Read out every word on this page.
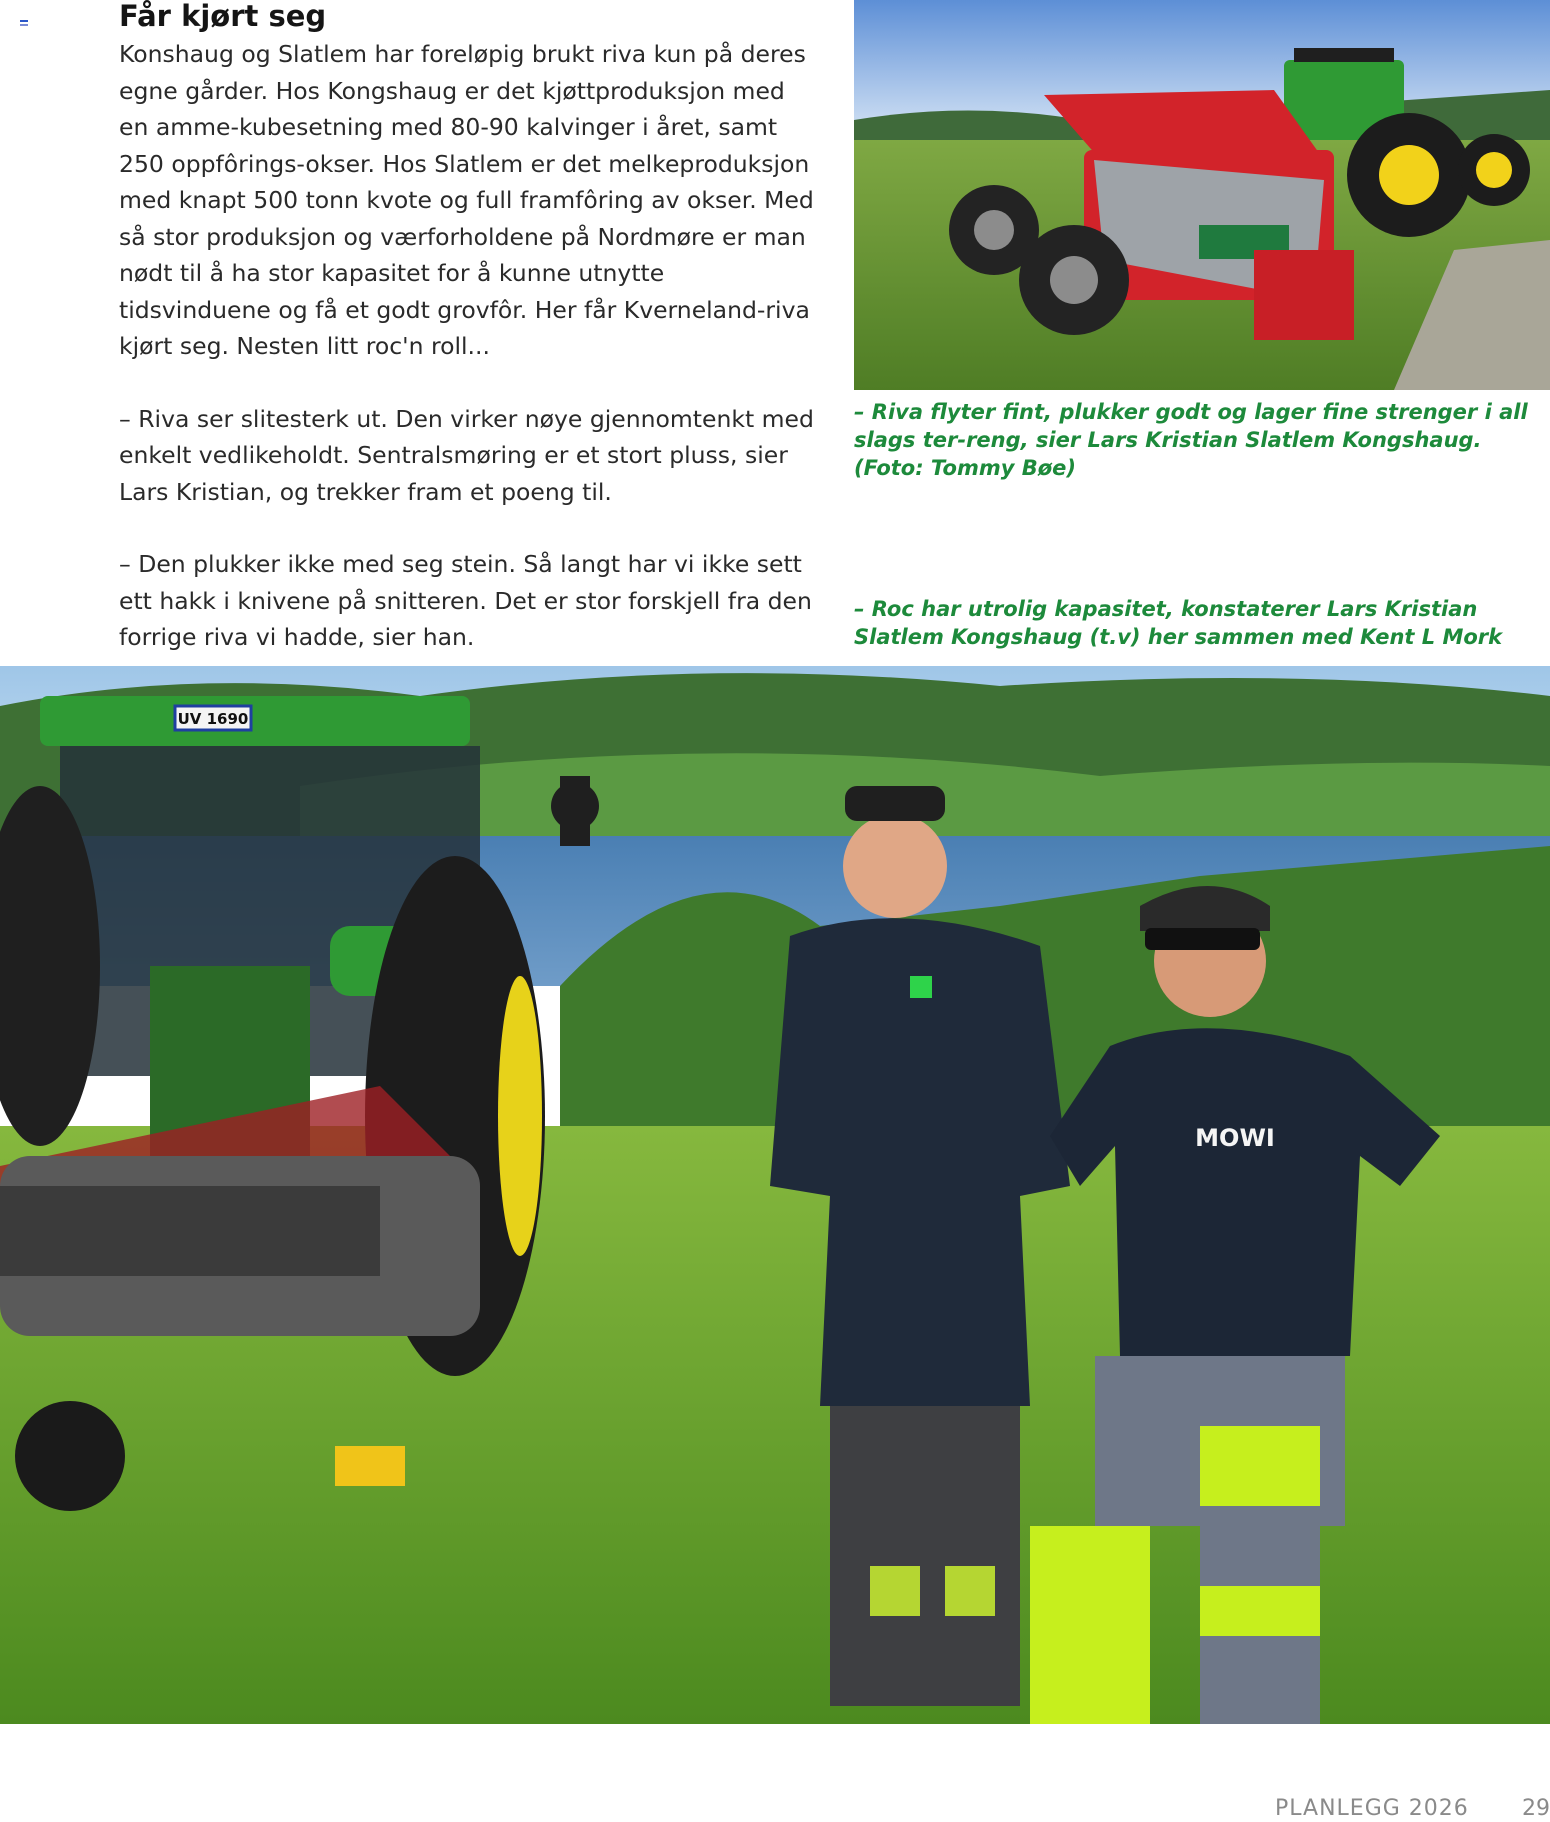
Får kjørt seg

Konshaug og Slatlem har foreløpig brukt riva kun på deres egne gårder. Hos Kongshaug er det kjøttproduksjon med en amme-kubesetning med 80-90 kalvinger i året, samt 250 oppfôrings-okser. Hos Slatlem er det melkeproduksjon med knapt 500 tonn kvote og full framfôring av okser. Med så stor produksjon og værforholdene på Nordmøre er man nødt til å ha stor kapasitet for å kunne utnytte tidsvinduene og få et godt grovfôr. Her får Kverneland-riva kjørt seg. Nesten litt roc'n roll...

– Riva ser slitesterk ut. Den virker nøye gjennomtenkt med enkelt vedlikeholdt. Sentralsmøring er et stort pluss, sier Lars Kristian, og trekker fram et poeng til.

– Den plukker ikke med seg stein. Så langt har vi ikke sett ett hakk i knivene på snitteren. Det er stor forskjell fra den forrige riva vi hadde, sier han.

– Riva flyter fint, plukker godt og lager fine strenger i all slags ter-reng, sier Lars Kristian Slatlem Kongshaug. (Foto: Tommy Bøe)

– Roc har utrolig kapasitet, konstaterer Lars Kristian Slatlem Kongshaug (t.v) her sammen med Kent L Mork

UV 1690
MOWI
PLANLEGG 2026 29
